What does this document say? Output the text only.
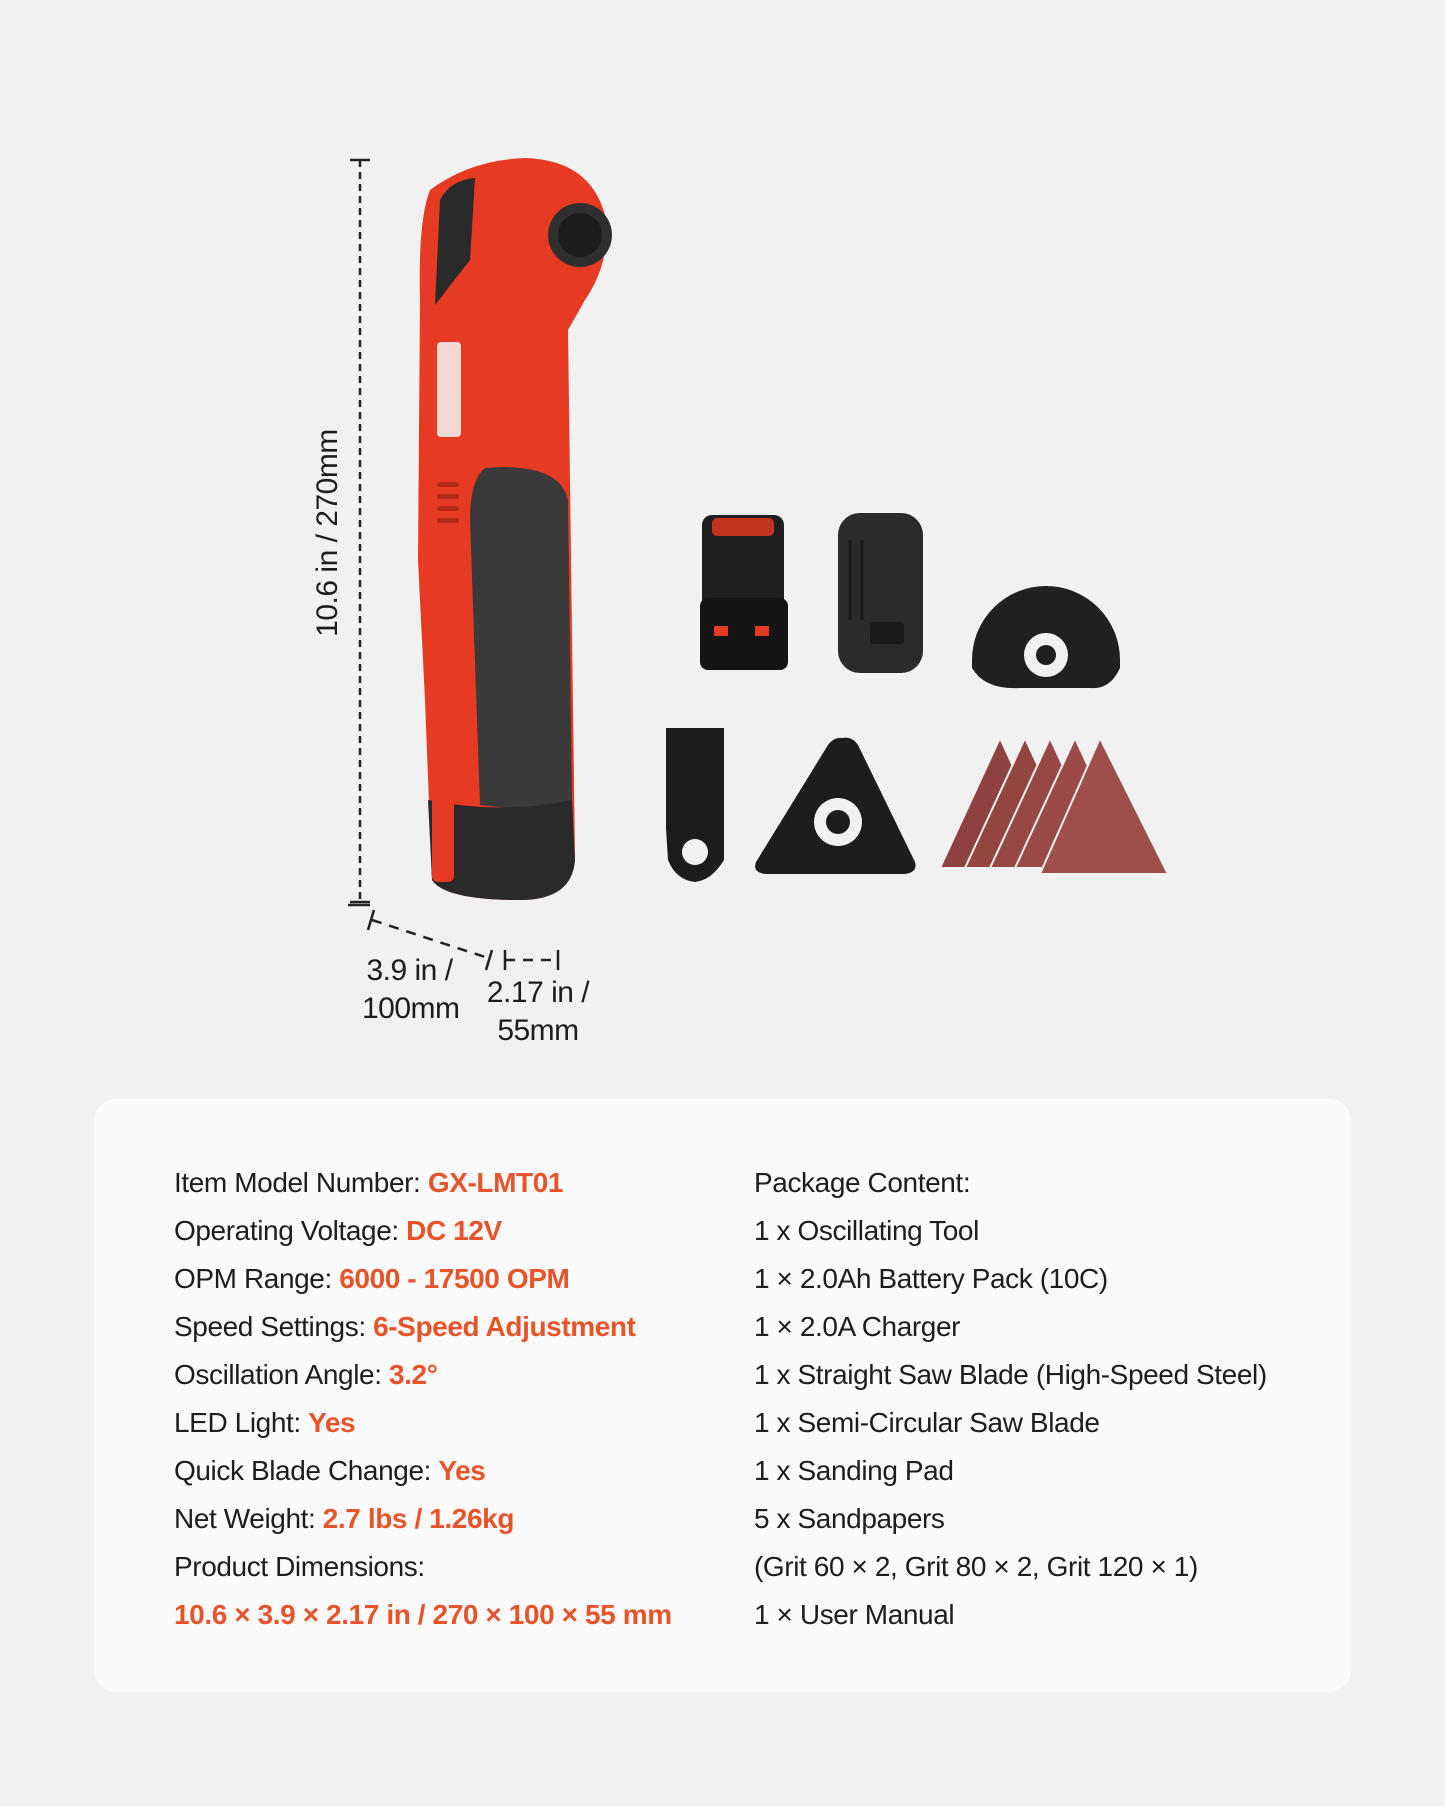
10.6 in / 270mm
3.9 in /
100mm 2.17 in /
55mm
Item Model Number: GX-LMT01
Operating Voltage: DC 12V
OPM Range: 6000 - 17500 OPM
Speed Settings: 6-Speed Adjustment
Oscillation Angle: 3.2°
LED Light: Yes
Quick Blade Change: Yes
Net Weight: 2.7 lbs / 1.26kg
Product Dimensions:
10.6 × 3.9 × 2.17 in / 270 × 100 × 55 mm
Package Content:
1 x Oscillating Tool
1 × 2.0Ah Battery Pack (10C)
1 × 2.0A Charger
1 x Straight Saw Blade (High-Speed Steel)
1 x Semi-Circular Saw Blade
1 x Sanding Pad
5 x Sandpapers
(Grit 60 × 2, Grit 80 × 2, Grit 120 × 1)
1 × User Manual
